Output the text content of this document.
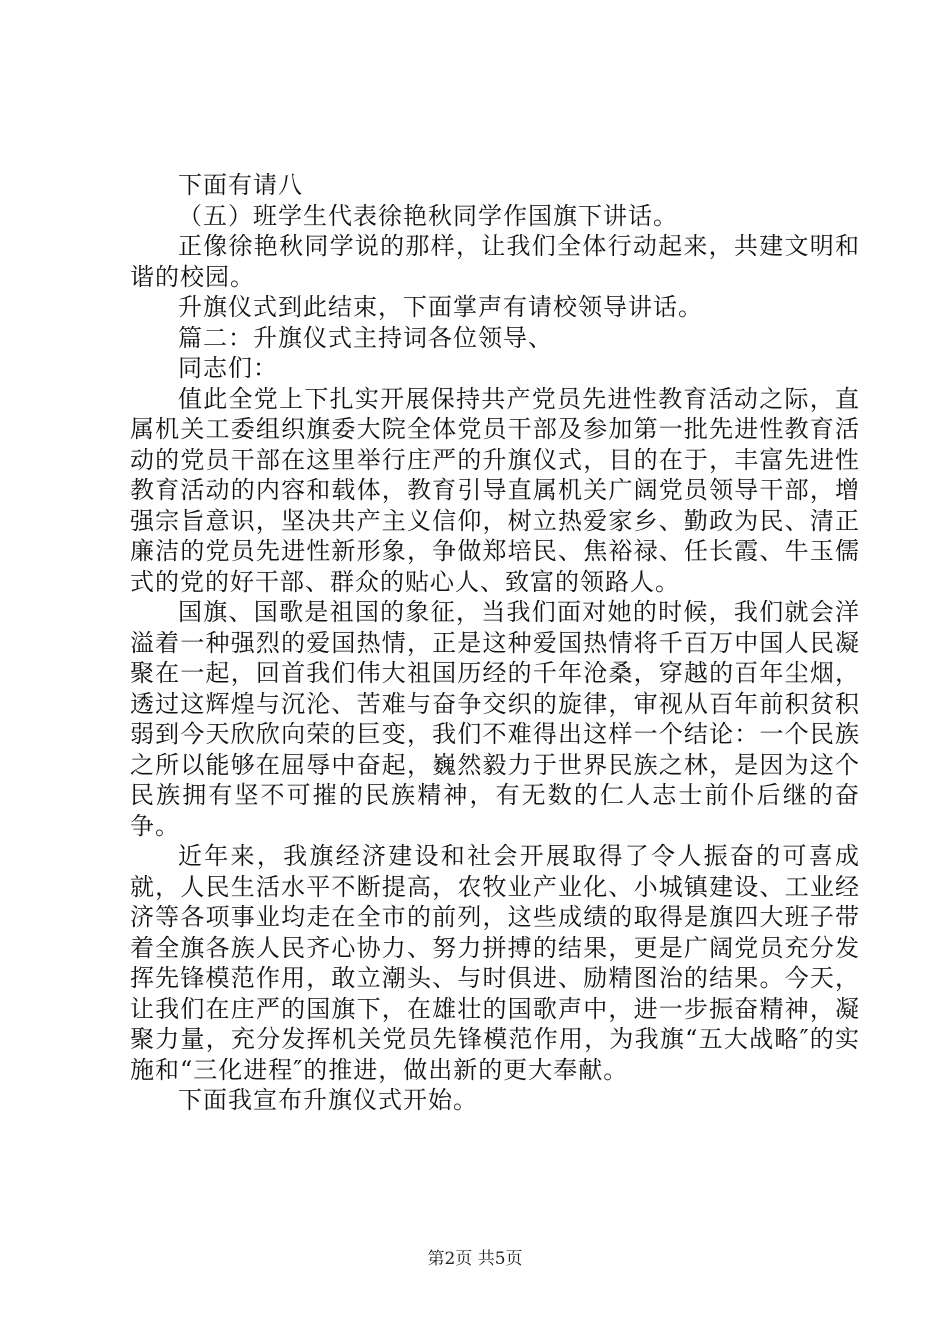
下面有请八

（五）班学生代表徐艳秋同学作国旗下讲话。

正像徐艳秋同学说的那样，让我们全体行动起来，共建文明和谐的校园。

升旗仪式到此结束，下面掌声有请校领导讲话。

篇二：升旗仪式主持词各位领导、

同志们：

值此全党上下扎实开展保持共产党员先进性教育活动之际，直属机关工委组织旗委大院全体党员干部及参加第一批先进性教育活动的党员干部在这里举行庄严的升旗仪式，目的在于，丰富先进性教育活动的内容和载体，教育引导直属机关广阔党员领导干部，增强宗旨意识，坚决共产主义信仰，树立热爱家乡、勤政为民、清正廉洁的党员先进性新形象，争做郑培民、焦裕禄、任长霞、牛玉儒式的党的好干部、群众的贴心人、致富的领路人。

国旗、国歌是祖国的象征，当我们面对她的时候，我们就会洋溢着一种强烈的爱国热情，正是这种爱国热情将千百万中国人民凝聚在一起，回首我们伟大祖国历经的千年沧桑，穿越的百年尘烟，透过这辉煌与沉沦、苦难与奋争交织的旋律，审视从百年前积贫积弱到今天欣欣向荣的巨变，我们不难得出这样一个结论：一个民族之所以能够在屈辱中奋起，巍然毅力于世界民族之林，是因为这个民族拥有坚不可摧的民族精神，有无数的仁人志士前仆后继的奋争。

近年来，我旗经济建设和社会开展取得了令人振奋的可喜成就，人民生活水平不断提高，农牧业产业化、小城镇建设、工业经济等各项事业均走在全市的前列，这些成绩的取得是旗四大班子带着全旗各族人民齐心协力、努力拼搏的结果，更是广阔党员充分发挥先锋模范作用，敢立潮头、与时俱进、励精图治的结果。今天，让我们在庄严的国旗下，在雄壮的国歌声中，进一步振奋精神，凝聚力量，充分发挥机关党员先锋模范作用，为我旗“五大战略″的实施和“三化进程″的推进，做出新的更大奉献。

下面我宣布升旗仪式开始。

第2页 共5页
